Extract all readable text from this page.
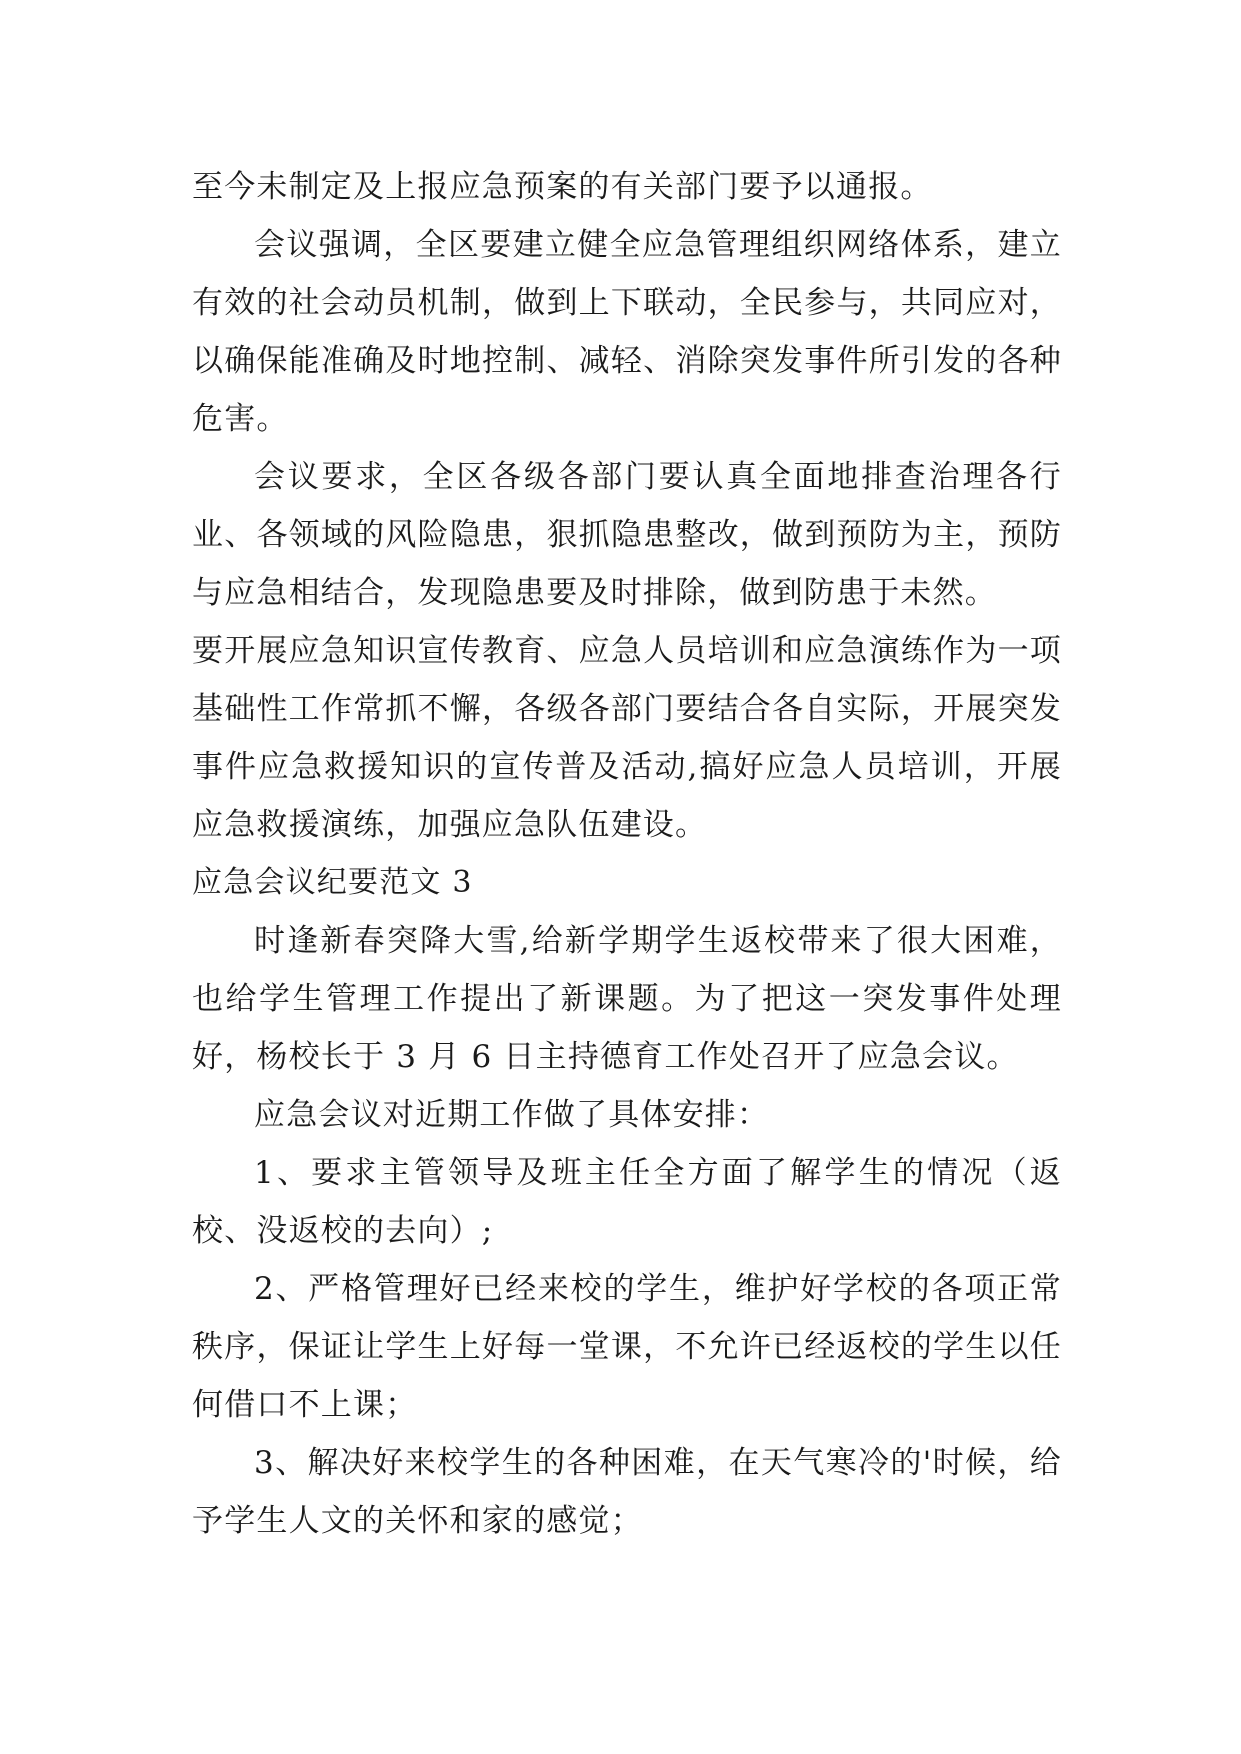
至今未制定及上报应急预案的有关部门要予以通报。

会议强调，全区要建立健全应急管理组织网络体系，建立有效的社会动员机制，做到上下联动，全民参与，共同应对，以确保能准确及时地控制、减轻、消除突发事件所引发的各种危害。

会议要求，全区各级各部门要认真全面地排查治理各行业、各领域的风险隐患，狠抓隐患整改，做到预防为主，预防与应急相结合，发现隐患要及时排除，做到防患于未然。

要开展应急知识宣传教育、应急人员培训和应急演练作为一项基础性工作常抓不懈，各级各部门要结合各自实际，开展突发事件应急救援知识的宣传普及活动,搞好应急人员培训，开展应急救援演练，加强应急队伍建设。

应急会议纪要范文 3

时逢新春突降大雪,给新学期学生返校带来了很大困难，也给学生管理工作提出了新课题。为了把这一突发事件处理好，杨校长于 3 月 6 日主持德育工作处召开了应急会议。

应急会议对近期工作做了具体安排：

1、要求主管领导及班主任全方面了解学生的情况（返校、没返校的去向）;

2、严格管理好已经来校的学生，维护好学校的各项正常秩序，保证让学生上好每一堂课，不允许已经返校的学生以任何借口不上课；

3、解决好来校学生的各种困难，在天气寒冷的'时候，给予学生人文的关怀和家的感觉；
